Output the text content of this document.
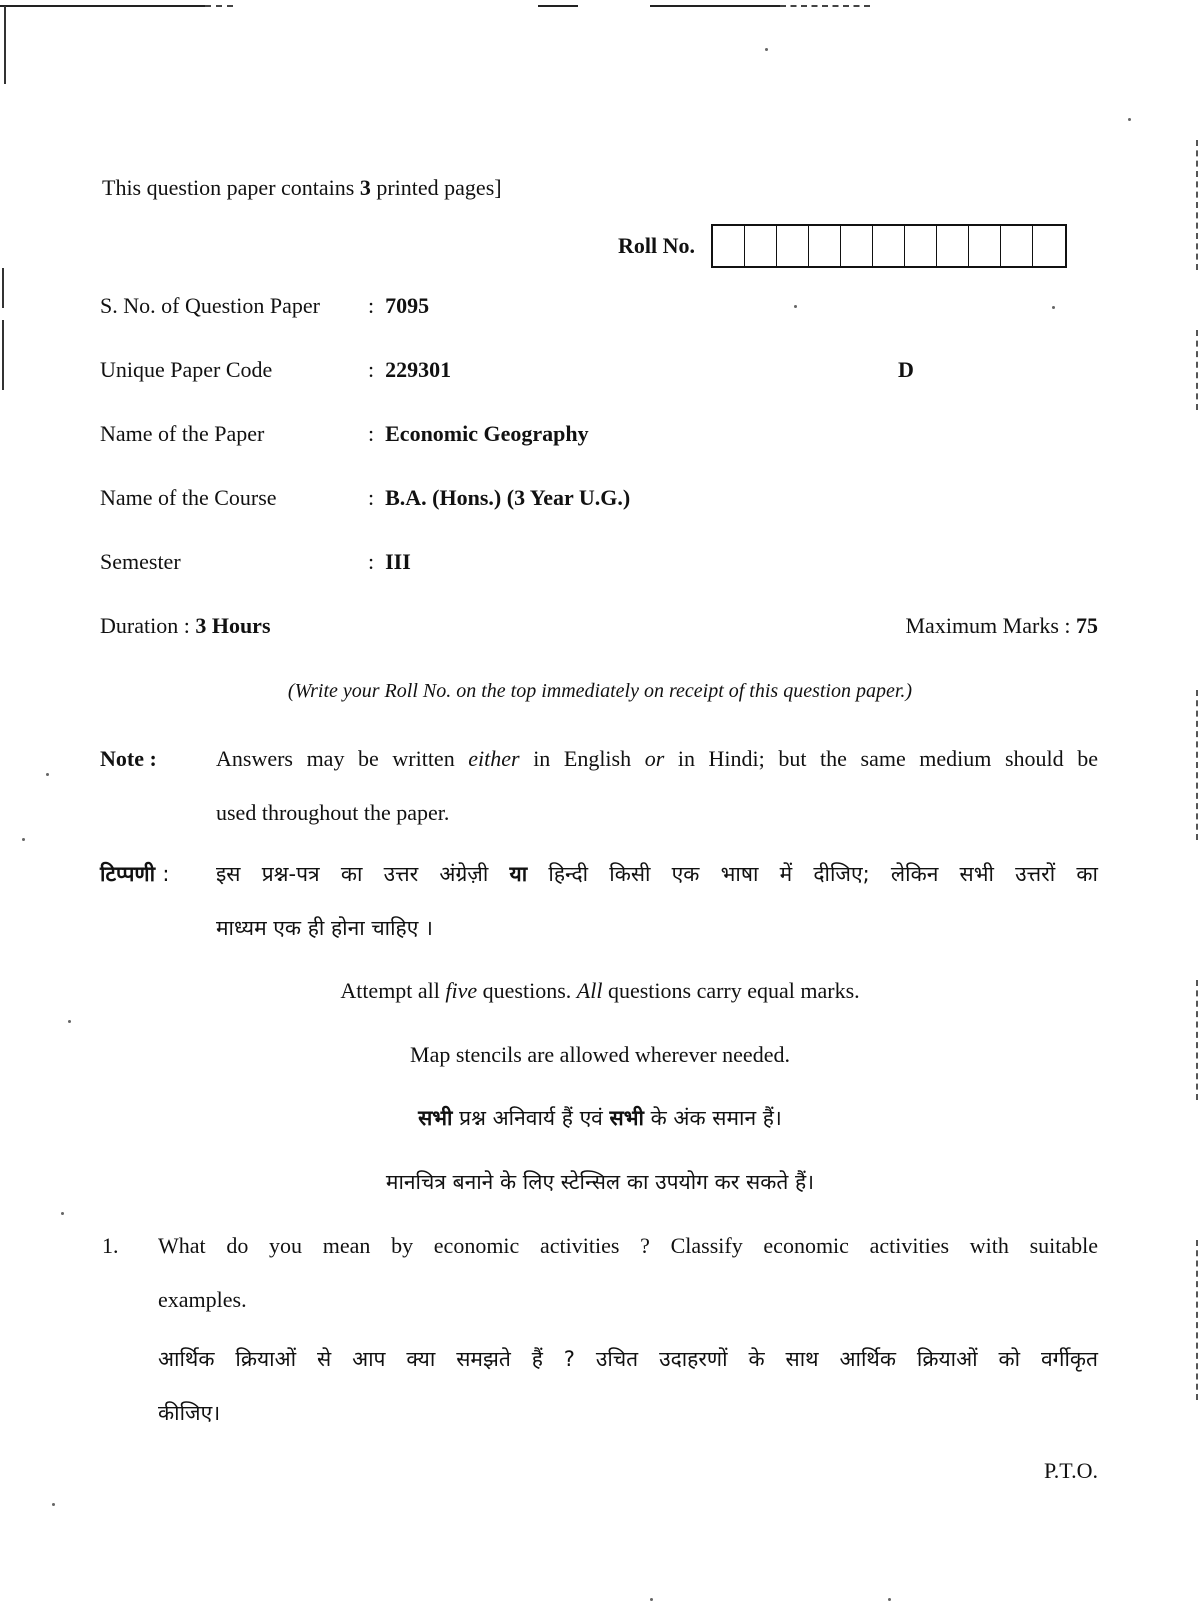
This question paper contains 3 printed pages]
Roll No.
S. No. of Question Paper : 7095
Unique Paper Code	: 229301	D
Name of the Paper	: Economic Geography
Name of the Course	: B.A. (Hons.) (3 Year U.G.)
Semester	: III
Duration : 3 Hours	Maximum Marks : 75
(Write your Roll No. on the top immediately on receipt of this question paper.)
Note :	Answers may be written either in English or in Hindi; but the same medium should be
used throughout the paper.
टिप्पणी : इस प्रश्न-पत्र का उत्तर अंग्रेज़ी या हिन्दी किसी एक भाषा में दीजिए; लेकिन सभी उत्तरों का
माध्यम एक ही होना चाहिए ।
Attempt all five questions. All questions carry equal marks.
Map stencils are allowed wherever needed.
सभी प्रश्न अनिवार्य हैं एवं सभी के अंक समान हैं।
मानचित्र बनाने के लिए स्टेन्सिल का उपयोग कर सकते हैं।
1. What do you mean by economic activities ? Classify economic activities with suitable
examples.
आर्थिक क्रियाओं से आप क्या समझते हैं ? उचित उदाहरणों के साथ आर्थिक क्रियाओं को वर्गीकृत
कीजिए।
P.T.O.
